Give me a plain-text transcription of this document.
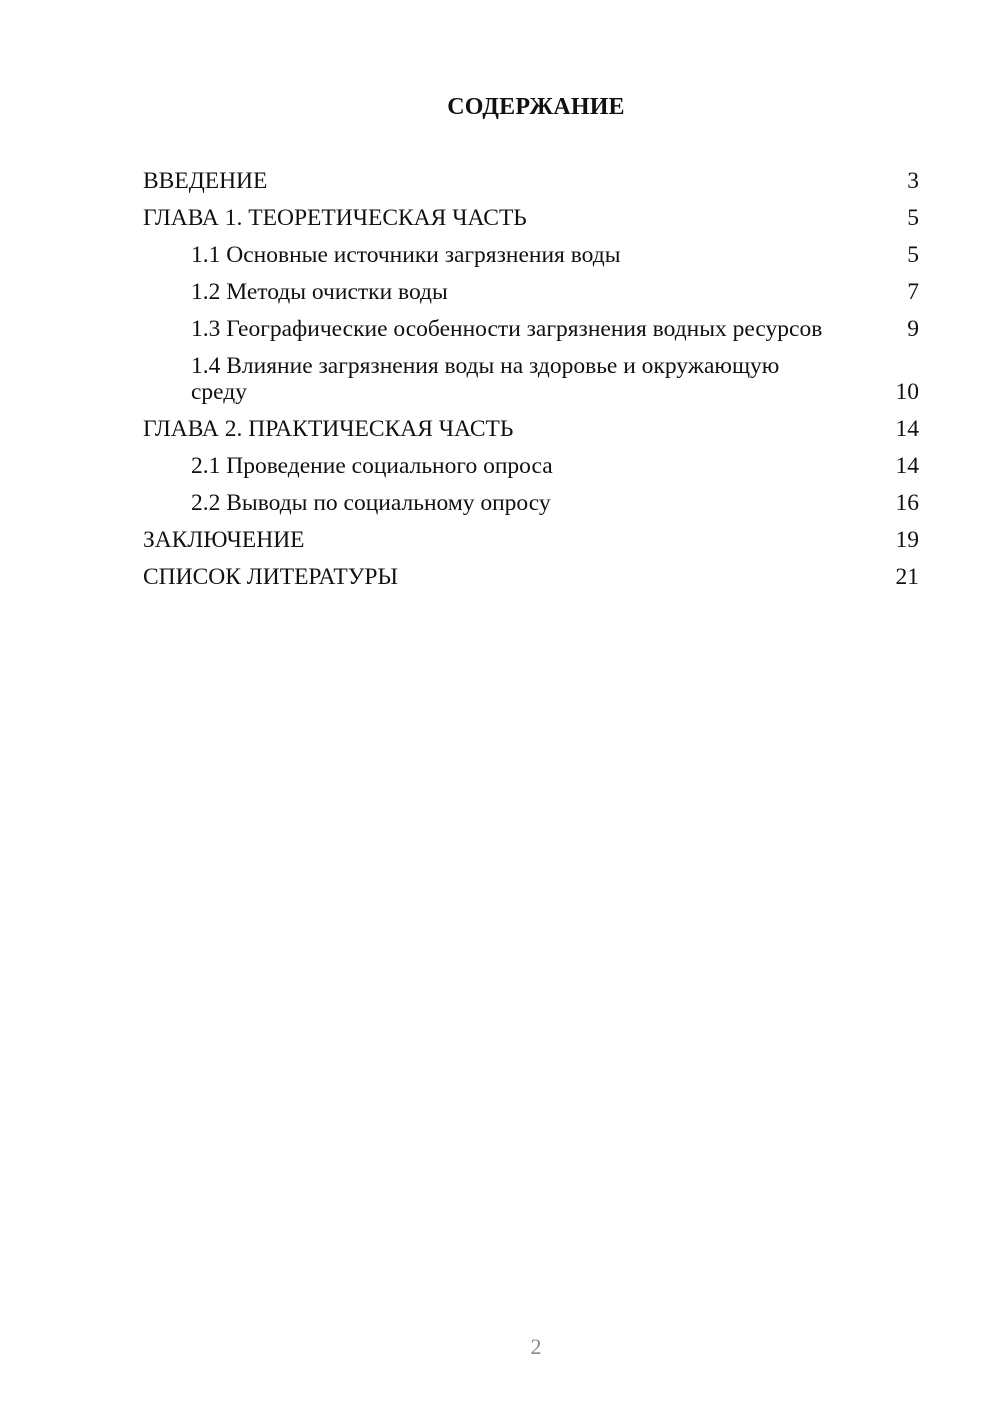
СОДЕРЖАНИЕ
ВВЕДЕНИЕ	3
ГЛАВА 1. ТЕОРЕТИЧЕСКАЯ ЧАСТЬ	5
1.1 Основные источники загрязнения воды	5
1.2 Методы очистки воды	7
1.3 Географические особенности загрязнения водных ресурсов	9
1.4 Влияние загрязнения воды на здоровье и окружающую среду	10
ГЛАВА 2. ПРАКТИЧЕСКАЯ ЧАСТЬ	14
2.1 Проведение социального опроса	14
2.2 Выводы по социальному опросу	16
ЗАКЛЮЧЕНИЕ	19
СПИСОК ЛИТЕРАТУРЫ	21
2
